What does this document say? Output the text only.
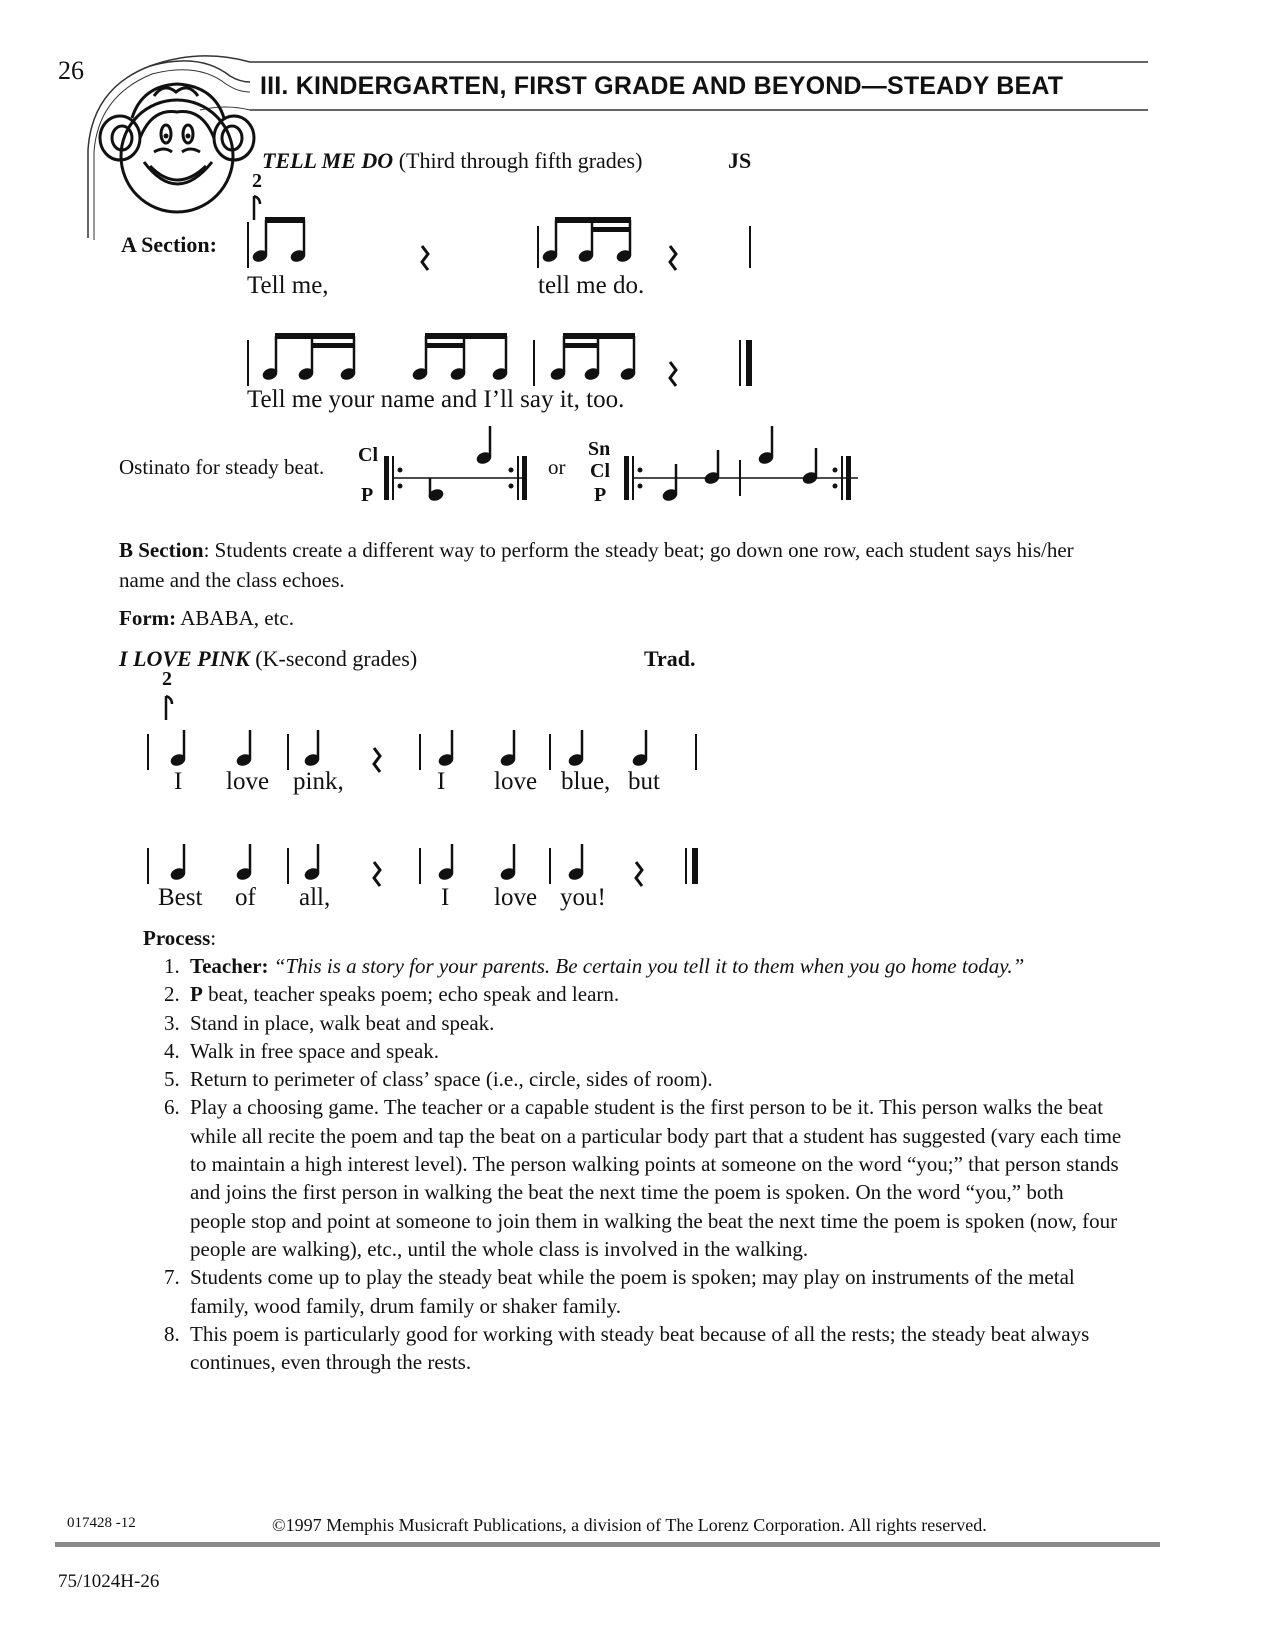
26
III. KINDERGARTEN, FIRST GRADE AND BEYOND—STEADY BEAT
TELL ME DO (Third through fifth grades)	JS
2
A Section:
Tell me,	tell me do.
Tell me your name and I’ll say it, too.
Ostinato for steady beat. Cl
P
or
Sn
Cl
P
B Section: Students create a different way to perform the steady beat; go down one row, each student says his/her name and the class echoes.
Form: ABABA, etc.
I LOVE PINK (K-second grades)	Trad.
2
I love pink,	I love blue, but
Best of all,	I love you!
Process:
1. Teacher: “This is a story for your parents. Be certain you tell it to them when you go home today.”
2. P beat, teacher speaks poem; echo speak and learn.
3. Stand in place, walk beat and speak.
4. Walk in free space and speak.
5. Return to perimeter of class’ space (i.e., circle, sides of room).
6. Play a choosing game. The teacher or a capable student is the first person to be it. This person walks the beat while all recite the poem and tap the beat on a particular body part that a student has suggested (vary each time to maintain a high interest level). The person walking points at someone on the word “you;” that person stands and joins the first person in walking the beat the next time the poem is spoken. On the word “you,” both people stop and point at someone to join them in walking the beat the next time the poem is spoken (now, four people are walking), etc., until the whole class is involved in the walking.
7. Students come up to play the steady beat while the poem is spoken; may play on instruments of the metal family, wood family, drum family or shaker family.
8. This poem is particularly good for working with steady beat because of all the rests; the steady beat always continues, even through the rests.
017428 -12	©1997 Memphis Musicraft Publications, a division of The Lorenz Corporation. All rights reserved.
75/1024H-26
